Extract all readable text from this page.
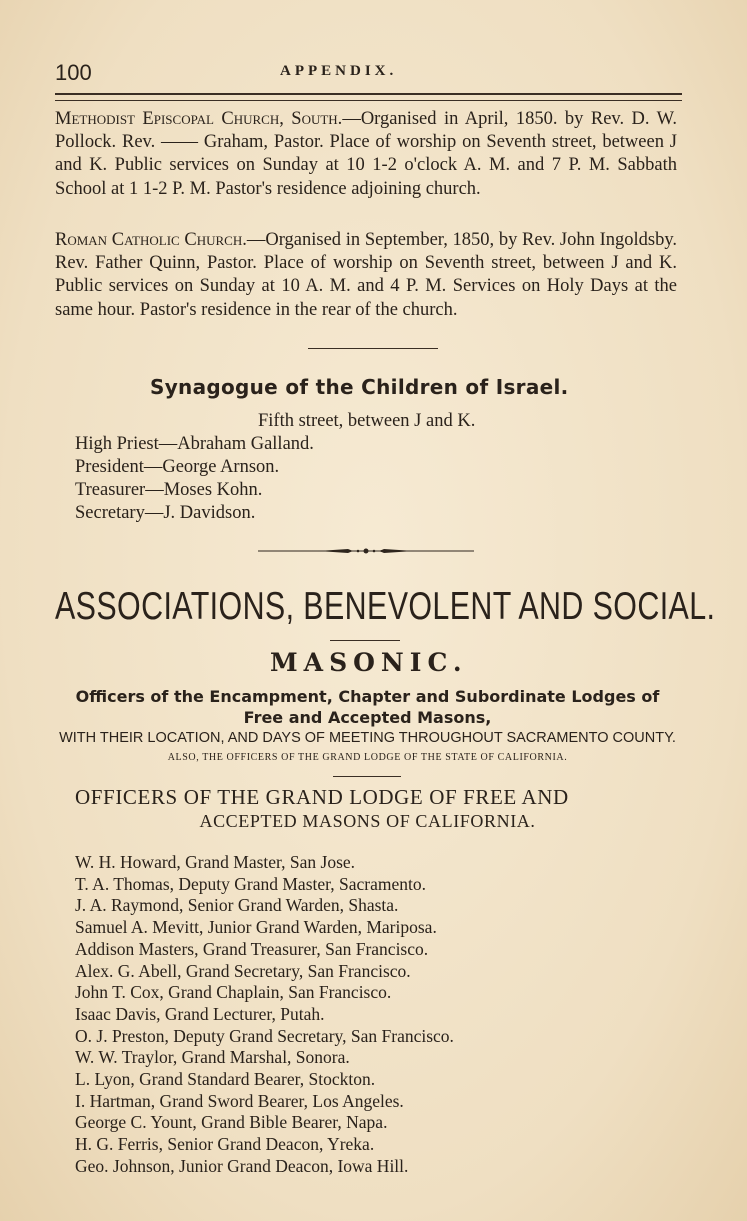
100	APPENDIX.
Methodist Episcopal Church, South.—Organised in April, 1850. by Rev. D. W. Pollock. Rev. —— Graham, Pastor. Place of worship on Seventh street, between J and K. Public services on Sunday at 10 1-2 o'clock A. M. and 7 P. M. Sabbath School at 1 1-2 P. M. Pastor's residence adjoining church.
Roman Catholic Church.—Organised in September, 1850, by Rev. John Ingoldsby. Rev. Father Quinn, Pastor. Place of worship on Seventh street, between J and K. Public services on Sunday at 10 A. M. and 4 P. M. Services on Holy Days at the same hour. Pastor's residence in the rear of the church.
Synagogue of the Children of Israel.
Fifth street, between J and K.
High Priest—Abraham Galland.
President—George Arnson.
Treasurer—Moses Kohn.
Secretary—J. Davidson.
ASSOCIATIONS, BENEVOLENT AND SOCIAL.
MASONIC.
Officers of the Encampment, Chapter and Subordinate Lodges of
Free and Accepted Masons,
WITH THEIR LOCATION, AND DAYS OF MEETING THROUGHOUT SACRAMENTO COUNTY.
ALSO, THE OFFICERS OF THE GRAND LODGE OF THE STATE OF CALIFORNIA.
OFFICERS OF THE GRAND LODGE OF FREE AND
ACCEPTED MASONS OF CALIFORNIA.
W. H. Howard, Grand Master, San Jose.
T. A. Thomas, Deputy Grand Master, Sacramento.
J. A. Raymond, Senior Grand Warden, Shasta.
Samuel A. Mevitt, Junior Grand Warden, Mariposa.
Addison Masters, Grand Treasurer, San Francisco.
Alex. G. Abell, Grand Secretary, San Francisco.
John T. Cox, Grand Chaplain, San Francisco.
Isaac Davis, Grand Lecturer, Putah.
O. J. Preston, Deputy Grand Secretary, San Francisco.
W. W. Traylor, Grand Marshal, Sonora.
L. Lyon, Grand Standard Bearer, Stockton.
I. Hartman, Grand Sword Bearer, Los Angeles.
George C. Yount, Grand Bible Bearer, Napa.
H. G. Ferris, Senior Grand Deacon, Yreka.
Geo. Johnson, Junior Grand Deacon, Iowa Hill.
